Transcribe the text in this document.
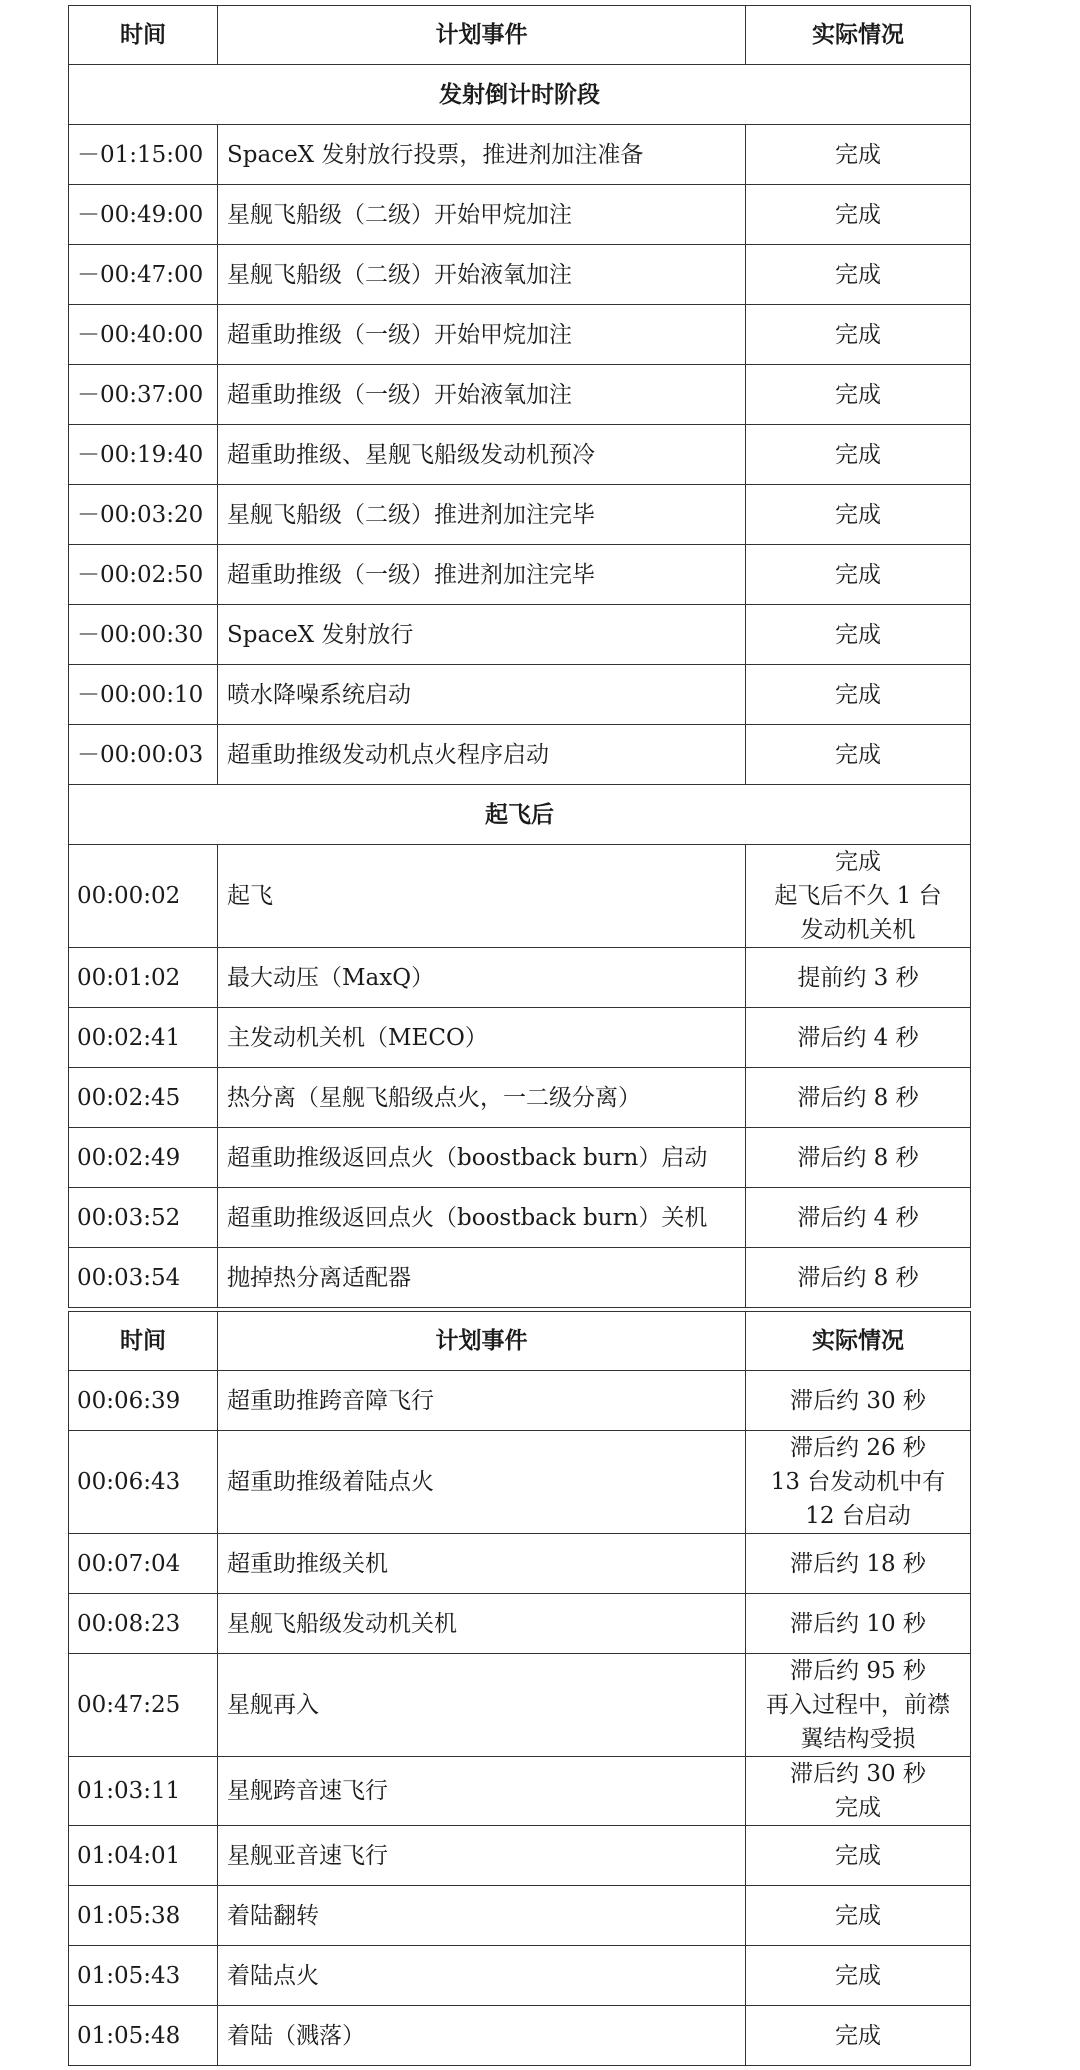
时间	计划事件	实际情况
发射倒计时阶段		
－01:15:00	SpaceX 发射放行投票，推进剂加注准备	完成

－00:49:00	星舰飞船级（二级）开始甲烷加注	完成

－00:47:00	星舰飞船级（二级）开始液氧加注	完成

－00:40:00	超重助推级（一级）开始甲烷加注	完成

－00:37:00	超重助推级（一级）开始液氧加注	完成

－00:19:40	超重助推级、星舰飞船级发动机预冷	完成

－00:03:20	星舰飞船级（二级）推进剂加注完毕	完成

－00:02:50	超重助推级（一级）推进剂加注完毕	完成

－00:00:30	SpaceX 发射放行	完成

－00:00:10	喷水降噪系统启动	完成

－00:00:03	超重助推级发动机点火程序启动	完成

起飞后		
00:00:02	起飞	完成
起飞后不久 1 台
发动机关机

00:01:02	最大动压（MaxQ）	提前约 3 秒

00:02:41	主发动机关机（MECO）	滞后约 4 秒

00:02:45	热分离（星舰飞船级点火，一二级分离）	滞后约 8 秒

00:02:49	超重助推级返回点火（boostback burn）启动	滞后约 8 秒

00:03:52	超重助推级返回点火（boostback burn）关机	滞后约 4 秒

00:03:54	抛掉热分离适配器	滞后约 8 秒
时间	计划事件	实际情况
00:06:39	超重助推跨音障飞行	滞后约 30 秒

00:06:43	超重助推级着陆点火	滞后约 26 秒
13 台发动机中有
12 台启动

00:07:04	超重助推级关机	滞后约 18 秒

00:08:23	星舰飞船级发动机关机	滞后约 10 秒

00:47:25	星舰再入	滞后约 95 秒
再入过程中，前襟
翼结构受损

01:03:11	星舰跨音速飞行	滞后约 30 秒
完成

01:04:01	星舰亚音速飞行	完成

01:05:38	着陆翻转	完成

01:05:43	着陆点火	完成

01:05:48	着陆（溅落）	完成
